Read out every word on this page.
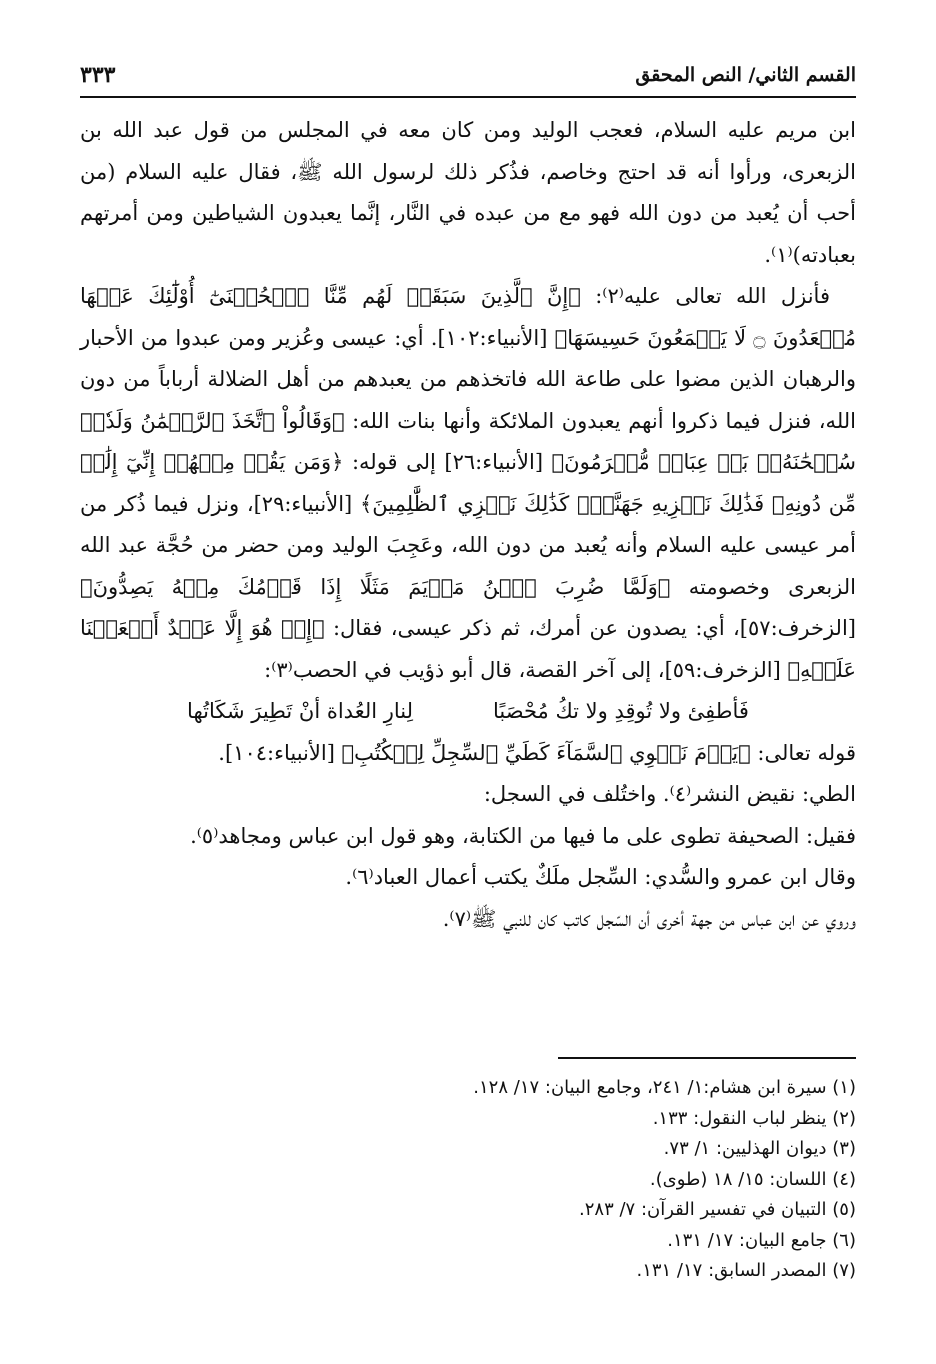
القسم الثاني/ النص المحقق
٣٣٣

ابن مريم عليه السلام، فعجب الوليد ومن كان معه في المجلس من قول عبد الله بن الزبعرى، ورأوا أنه قد احتج وخاصم، فذُكر ذلك لرسول الله ﷺ، فقال عليه السلام (من أحب أن يُعبد من دون الله فهو مع من عبده في النَّار، إنَّما يعبدون الشياطين ومن أمرتهم بعبادته)⁽١⁾.

فأنزل الله تعالى عليه⁽٢⁾: ﴿إِنَّ ٱلَّذِينَ سَبَقَتۡ لَهُم مِّنَّا ٱلۡحُسۡنَىٰٓ أُوْلَٰٓئِكَ عَنۡهَا مُبۡعَدُونَ ۝ لَا يَسۡمَعُونَ حَسِيسَهَا﴾ [الأنبياء:١٠٢]. أي: عيسى وعُزير ومن عبدوا من الأحبار والرهبان الذين مضوا على طاعة الله فاتخذهم من يعبدهم من أهل الضلالة أرباباً من دون الله، فنزل فيما ذكروا أنهم يعبدون الملائكة وأنها بنات الله: ﴿وَقَالُواْ ٱتَّخَذَ ٱلرَّحۡمَٰنُ وَلَدٗاۗ سُبۡحَٰنَهُۥۚ بَلۡ عِبَادٞ مُّكۡرَمُونَ﴾ [الأنبياء:٢٦] إلى قوله: ﴿وَمَن يَقُلۡ مِنۡهُمۡ إِنِّيٓ إِلَٰهٞ مِّن دُونِهِۦ فَذَٰلِكَ نَجۡزِيهِ جَهَنَّمَۚ كَذَٰلِكَ نَجۡزِي ٱلظَّٰلِمِينَ﴾ [الأنبياء:٢٩]، ونزل فيما ذُكر من أمر عيسى عليه السلام وأنه يُعبد من دون الله، وعَجِبَ الوليد ومن حضر من حُجَّة عبد الله الزبعرى وخصومته ﴿وَلَمَّا ضُرِبَ ٱبۡنُ مَرۡيَمَ مَثَلًا إِذَا قَوۡمُكَ مِنۡهُ يَصِدُّونَ﴾ [الزخرف:٥٧]، أي: يصدون عن أمرك، ثم ذكر عيسى، فقال: ﴿إِنۡ هُوَ إِلَّا عَبۡدٌ أَنۡعَمۡنَا عَلَيۡهِ﴾ [الزخرف:٥٩]، إلى آخر القصة، قال أبو ذؤيب في الحصب⁽٣⁾:

فَأطفِئ ولا تُوقِدِ ولا تكُ مُحْصَبًا
لِنارِ العُداة أنْ تَطِيرَ شَكَاتُها

قوله تعالى: ﴿يَوۡمَ نَطۡوِي ٱلسَّمَآءَ كَطَيِّ ٱلسِّجِلِّ لِلۡكُتُبِ﴾ [الأنبياء:١٠٤].

الطي: نقيض النشر⁽٤⁾. واختُلف في السجل:

فقيل: الصحيفة تطوى على ما فيها من الكتابة، وهو قول ابن عباس ومجاهد⁽٥⁾.

وقال ابن عمرو والسُّدي: السِّجل ملَكٌ يكتب أعمال العباد⁽٦⁾.

وروي عن ابن عباس من جهة أخرى أن السّجل كاتب كان للنبي ﷺ⁽٧⁾.

(١) سيرة ابن هشام:١/ ٢٤١، وجامع البيان: ١٧/ ١٢٨.
(٢) ينظر لباب النقول: ١٣٣.
(٣) ديوان الهذليين: ١/ ٧٣.
(٤) اللسان: ١٥/ ١٨ (طوى).
(٥) التبيان في تفسير القرآن: ٧/ ٢٨٣.
(٦) جامع البيان: ١٧/ ١٣١.
(٧) المصدر السابق: ١٧/ ١٣١.
